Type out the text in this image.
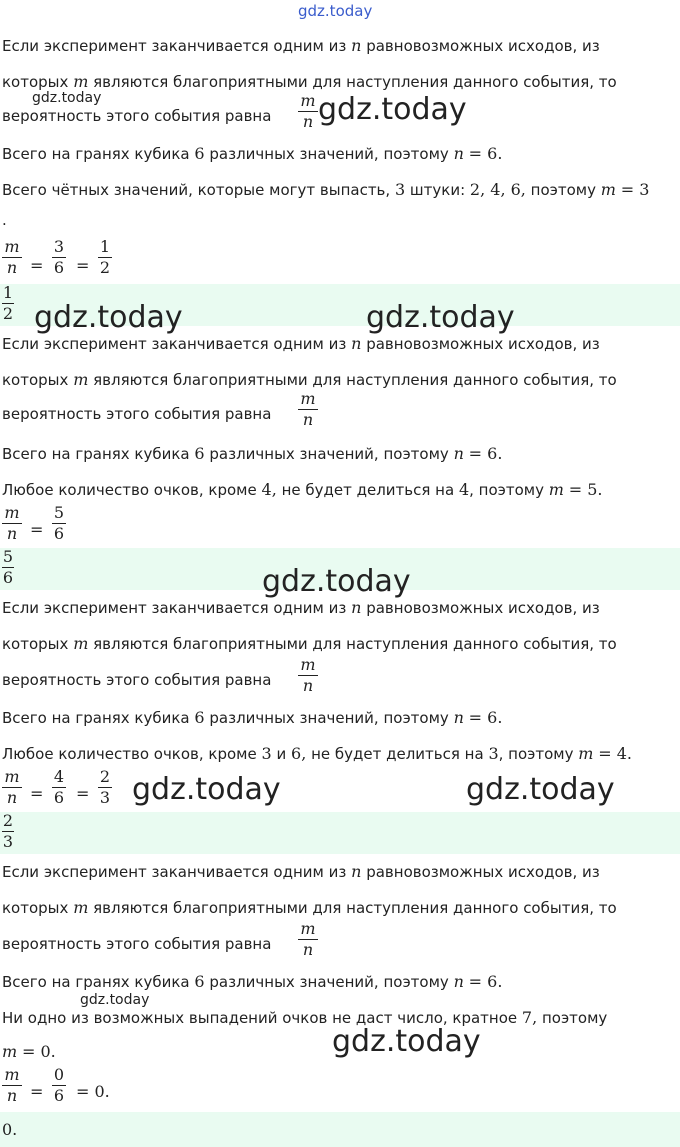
gdz.today
Если эксперимент заканчивается одним из n равновозможных исходов, из
которых m являются благоприятными для наступления данного события, то
gdz.today
вероятность этого события равна
m
n gdz.today
Всего на гранях кубика 6 различных значений, поэтому n = 6.
Всего чётных значений, которые могут выпасть, 3 штуки: 2, 4, 6, поэтому m = 3
.
m
n =
3
6 =
1
2
1
2 gdz.today	gdz.today
Если эксперимент заканчивается одним из n равновозможных исходов, из
которых m являются благоприятными для наступления данного события, то
вероятность этого события равна
m
n
Всего на гранях кубика 6 различных значений, поэтому n = 6.
Любое количество очков, кроме 4, не будет делиться на 4, поэтому m = 5.
m
n =
5
6
5
6	gdz.today
Если эксперимент заканчивается одним из n равновозможных исходов, из
которых m являются благоприятными для наступления данного события, то
вероятность этого события равна
m
n
Всего на гранях кубика 6 различных значений, поэтому n = 6.
Любое количество очков, кроме 3 и 6, не будет делиться на 3, поэтому m = 4.
m
n =
4
6 =
2
3 gdz.today	gdz.today
2
3
Если эксперимент заканчивается одним из n равновозможных исходов, из
которых m являются благоприятными для наступления данного события, то
вероятность этого события равна
m
n
Всего на гранях кубика 6 различных значений, поэтому n = 6.
gdz.today
Ни одно из возможных выпадений очков не даст число, кратное 7, поэтому
m = 0.	gdz.today
m
n =
0
6 = 0.
0.
